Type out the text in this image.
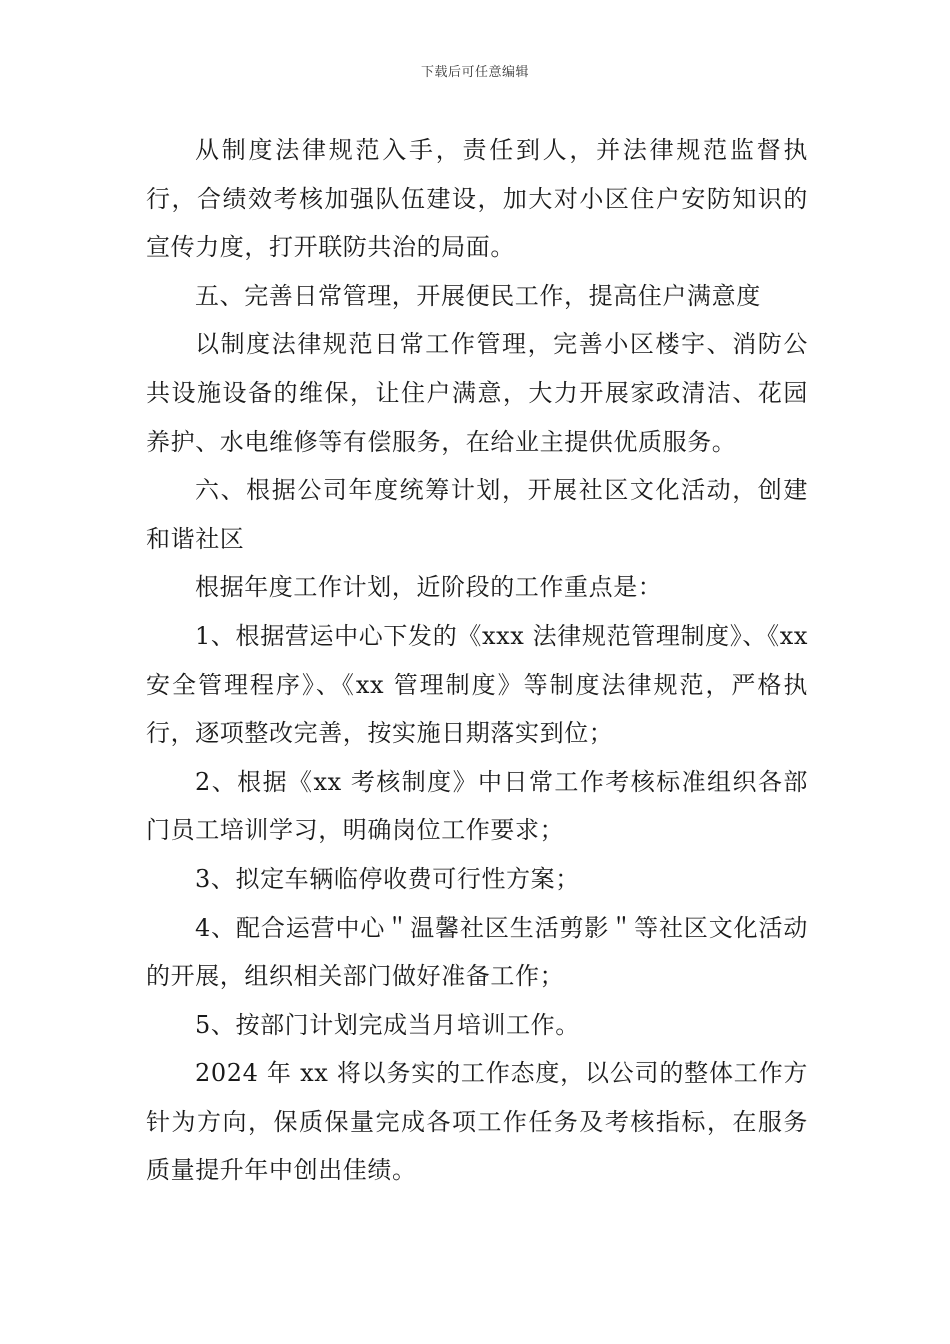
下载后可任意编辑

从制度法律规范入手，责任到人，并法律规范监督执行，合绩效考核加强队伍建设，加大对小区住户安防知识的宣传力度，打开联防共治的局面。

五、完善日常管理，开展便民工作，提高住户满意度

以制度法律规范日常工作管理，完善小区楼宇、消防公共设施设备的维保，让住户满意，大力开展家政清洁、花园养护、水电维修等有偿服务，在给业主提供优质服务。

六、根据公司年度统筹计划，开展社区文化活动，创建和谐社区

根据年度工作计划，近阶段的工作重点是：

1、根据营运中心下发的《xxx 法律规范管理制度》、《xx 安全管理程序》、《xx 管理制度》等制度法律规范，严格执行，逐项整改完善，按实施日期落实到位；

2、根据《xx 考核制度》中日常工作考核标准组织各部门员工培训学习，明确岗位工作要求；

3、拟定车辆临停收费可行性方案；

4、配合运营中心＂温馨社区生活剪影＂等社区文化活动的开展，组织相关部门做好准备工作；

5、按部门计划完成当月培训工作。

2024 年 xx 将以务实的工作态度，以公司的整体工作方针为方向，保质保量完成各项工作任务及考核指标，在服务质量提升年中创出佳绩。
